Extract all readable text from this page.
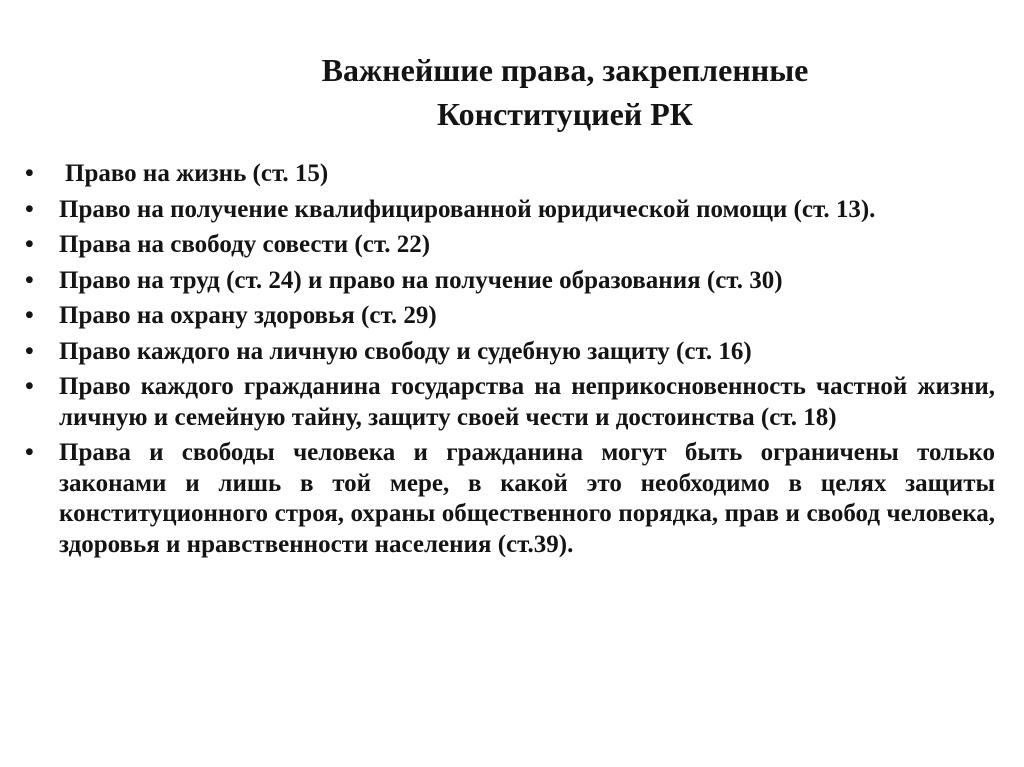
Важнейшие права, закрепленные
Конституцией РК
•	Право на жизнь (ст. 15)
•	Право на получение квалифицированной юридической помощи (ст. 13).
•	Права на свободу совести (ст. 22)
•	Право на труд (ст. 24) и право на получение образования (ст. 30)
•	Право на охрану здоровья (ст. 29)
•	Право каждого на личную свободу и судебную защиту (ст. 16)
•	Право каждого гражданина государства на неприкосновенность частной жизни, личную и семейную тайну, защиту своей чести и достоинства (ст. 18)
•	Права и свободы человека и гражданина могут быть ограничены только законами и лишь в той мере, в какой это необходимо в целях защиты конституционного строя, охраны общественного порядка, прав и свобод человека, здоровья и нравственности населения (ст.39).
